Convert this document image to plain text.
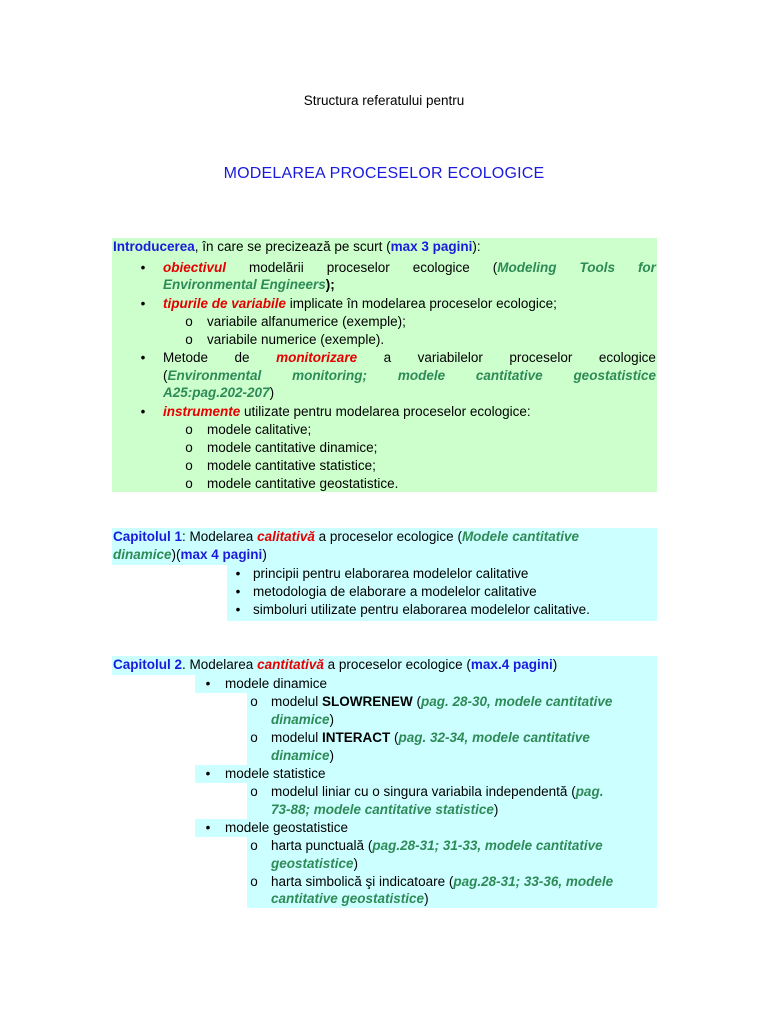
Structura referatului pentru
MODELAREA PROCESELOR ECOLOGICE
Introducerea, în care se precizează pe scurt (max 3 pagini):
•	obiectivul modelării proceselor ecologice (Modeling Tools for
Environmental Engineers);
•	tipurile de variabile implicate în modelarea proceselor ecologice;
o variabile alfanumerice (exemple);
o variabile numerice (exemple).
•	Metode de monitorizare a variabilelor proceselor ecologice
(Environmental monitoring; modele cantitative geostatistice
A25:pag.202-207)
•	instrumente utilizate pentru modelarea proceselor ecologice:
o modele calitative;
o modele cantitative dinamice;
o modele cantitative statistice;
o modele cantitative geostatistice.
Capitolul 1: Modelarea calitativă a proceselor ecologice (Modele cantitative
dinamice)(max 4 pagini)
• principii pentru elaborarea modelelor calitative
• metodologia de elaborare a modelelor calitative
• simboluri utilizate pentru elaborarea modelelor calitative.
Capitolul 2. Modelarea cantitativă a proceselor ecologice (max.4 pagini)
•	modele dinamice
o modelul SLOWRENEW (pag. 28-30, modele cantitative
dinamice)
o modelul INTERACT (pag. 32-34, modele cantitative
dinamice)
•	modele statistice
o modelul liniar cu o singura variabila independentă (pag.
73-88; modele cantitative statistice)
•	modele geostatistice
o harta punctuală (pag.28-31; 31-33, modele cantitative
geostatistice)
o harta simbolică şi indicatoare (pag.28-31; 33-36, modele
cantitative geostatistice)
